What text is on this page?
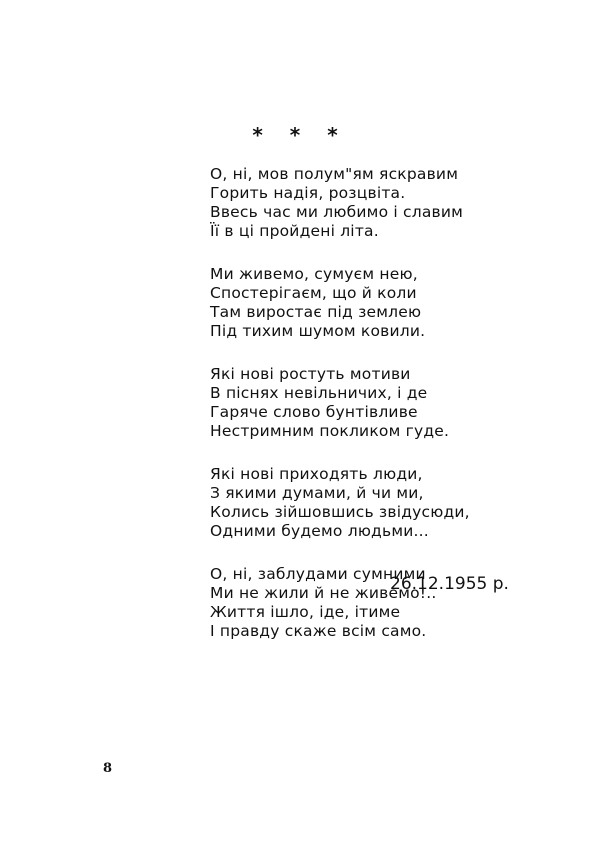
* * *
О, ні, мов полум"ям яскравим
Горить надія, розцвіта.
Ввесь час ми любимо і славим
Її в ці пройдені літа.
Ми живемо, сумуєм нею,
Спостерігаєм, що й коли
Там виростає під землею
Під тихим шумом ковили.
Які нові ростуть мотиви
В піснях невільничих, і де
Гаряче слово бунтівливе
Нестримним покликом гуде.
Які нові приходять люди,
З якими думами, й чи ми,
Колись зійшовшись звідусюди,
Одними будемо людьми...
О, ні, заблудами сумними
Ми не жили й не живемо!..
Життя ішло, іде, ітиме
І правду скаже всім само.
26.12.1955 р.
8
